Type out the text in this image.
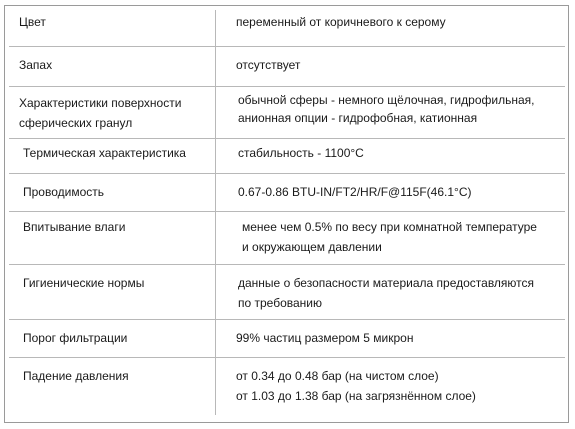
Цвет	переменный от коричневого к серому

Запах	отсутствует

Характеристики поверхности
сферических гранул	обычной сферы - немного щёлочная, гидрофильная,
анионная опции - гидрофобная, катионная

Термическая характеристика	стабильность - 1100°C

Проводимость	0.67-0.86 BTU-IN/FT2/HR/F@115F(46.1°C)

Впитывание влаги	менее чем 0.5% по весу при комнатной температуре
и окружающем давлении

Гигиенические нормы	данные о безопасности материала предоставляются
по требованию

Порог фильтрации	99% частиц размером 5 микрон

Падение давления	от 0.34 до 0.48 бар (на чистом слое)
от 1.03 до 1.38 бар (на загрязнённом слое)
